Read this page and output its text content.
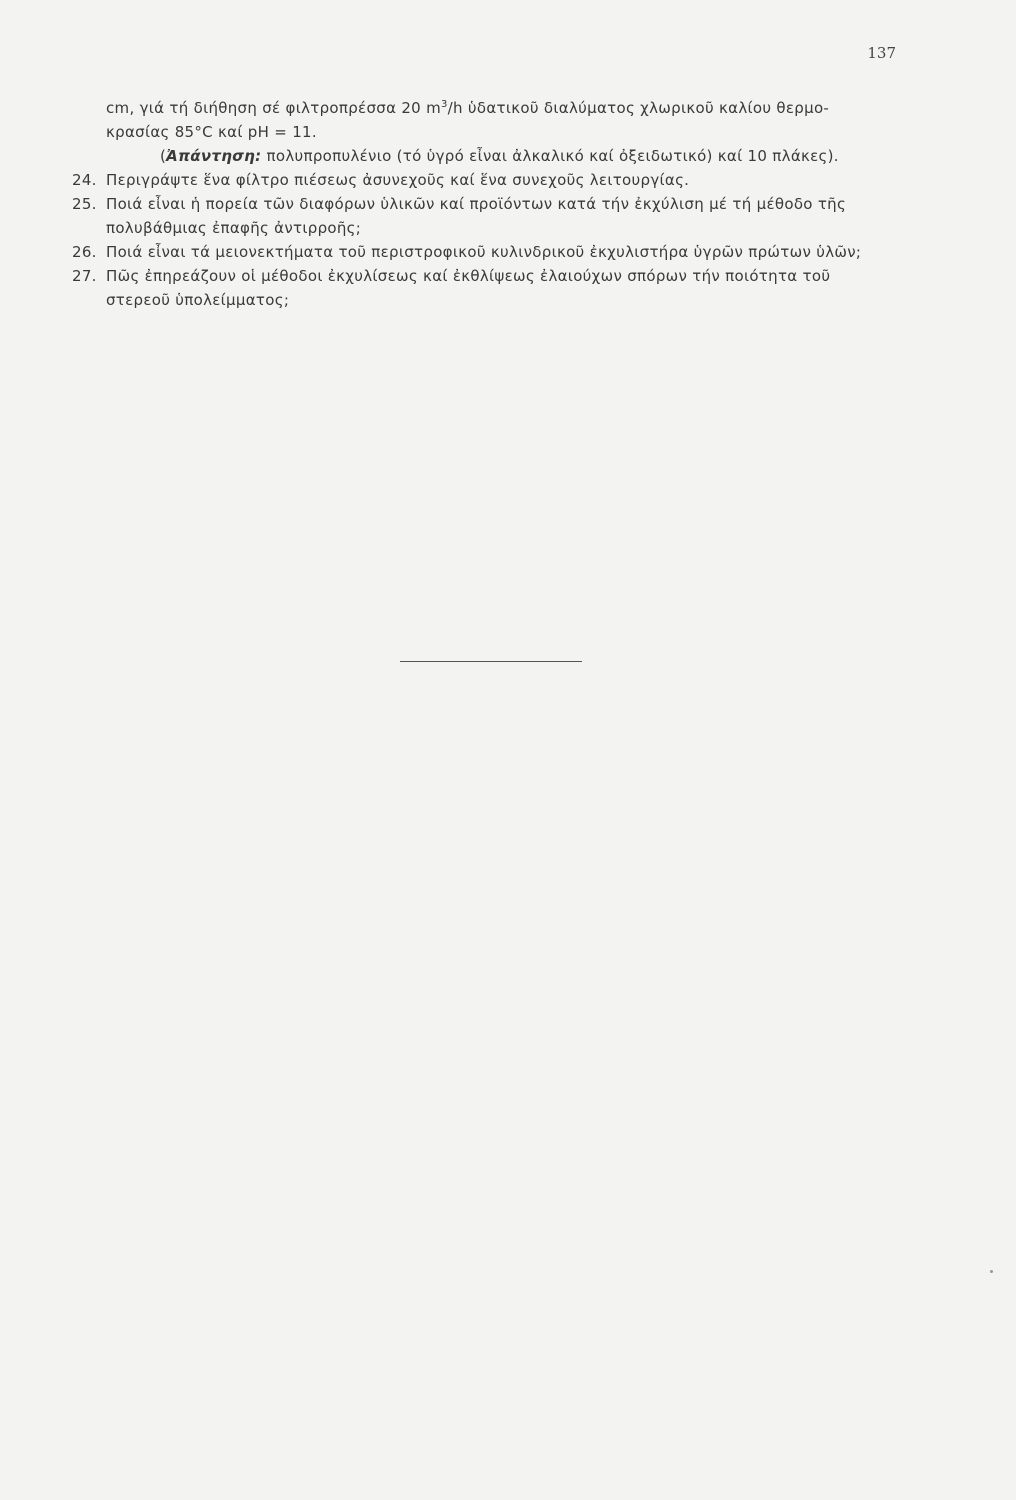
137
cm, γιά τή διήθηση σέ φιλτροπρέσσα 20 $m^3/h$ ὑδατικοῦ διαλύματος χλωρικοῦ καλίου θερμο-
κρασίας 85°C καί pH = 11.
(Ἀπάντηση: πολυπροπυλένιο (τό ὑγρό εἶναι ἀλκαλικό καί ὀξειδωτικό) καί 10 πλάκες).
24. Περιγράψτε ἕνα φίλτρο πιέσεως ἀσυνεχοῦς καί ἕνα συνεχοῦς λειτουργίας.
25. Ποιά εἶναι ἡ πορεία τῶν διαφόρων ὑλικῶν καί προϊόντων κατά τήν ἐκχύλιση μέ τή μέθοδο τῆς
πολυβάθμιας ἐπαφῆς ἀντιρροῆς;
26. Ποιά εἶναι τά μειονεκτήματα τοῦ περιστροφικοῦ κυλινδρικοῦ ἐκχυλιστήρα ὑγρῶν πρώτων ὑλῶν;
27. Πῶς ἐπηρεάζουν οἱ μέθοδοι ἐκχυλίσεως καί ἐκθλίψεως ἐλαιούχων σπόρων τήν ποιότητα τοῦ
στερεοῦ ὑπολείμματος;
